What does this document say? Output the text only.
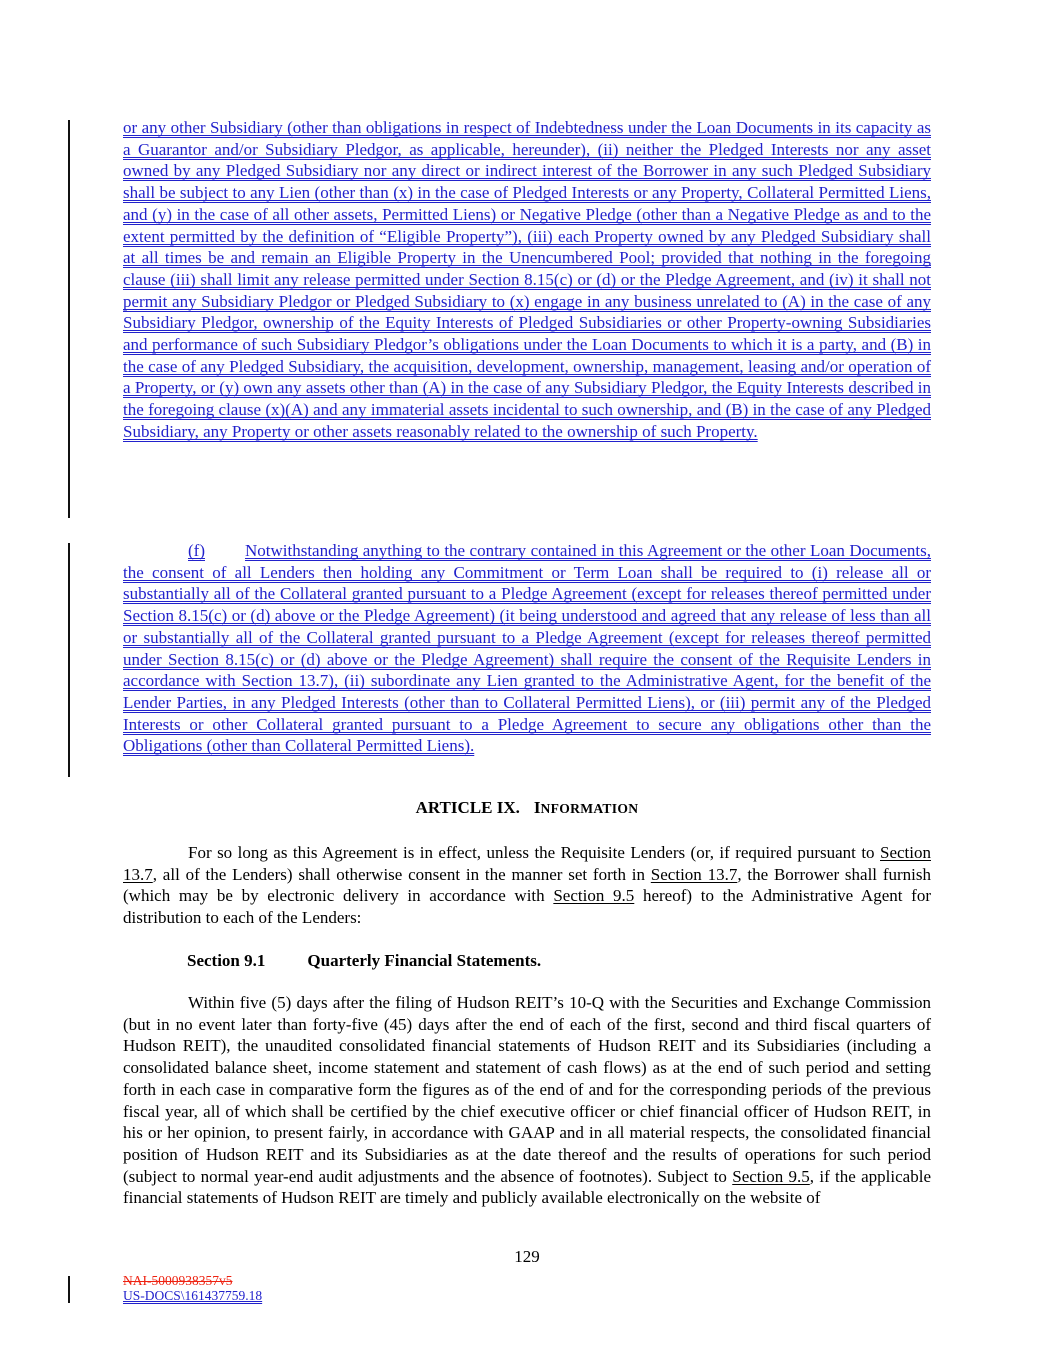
or any other Subsidiary (other than obligations in respect of Indebtedness under the Loan Documents in its capacity as a Guarantor and/or Subsidiary Pledgor, as applicable, hereunder), (ii) neither the Pledged Interests nor any asset owned by any Pledged Subsidiary nor any direct or indirect interest of the Borrower in any such Pledged Subsidiary shall be subject to any Lien (other than (x) in the case of Pledged Interests or any Property, Collateral Permitted Liens, and (y) in the case of all other assets, Permitted Liens) or Negative Pledge (other than a Negative Pledge as and to the extent permitted by the definition of “Eligible Property”), (iii) each Property owned by any Pledged Subsidiary shall at all times be and remain an Eligible Property in the Unencumbered Pool; provided that nothing in the foregoing clause (iii) shall limit any release permitted under Section 8.15(c) or (d) or the Pledge Agreement, and (iv) it shall not permit any Subsidiary Pledgor or Pledged Subsidiary to (x) engage in any business unrelated to (A) in the case of any Subsidiary Pledgor, ownership of the Equity Interests of Pledged Subsidiaries or other Property-owning Subsidiaries and performance of such Subsidiary Pledgor’s obligations under the Loan Documents to which it is a party, and (B) in the case of any Pledged Subsidiary, the acquisition, development, ownership, management, leasing and/or operation of a Property, or (y) own any assets other than (A) in the case of any Subsidiary Pledgor, the Equity Interests described in the foregoing clause (x)(A) and any immaterial assets incidental to such ownership, and (B) in the case of any Pledged Subsidiary, any Property or other assets reasonably related to the ownership of such Property.
(f) Notwithstanding anything to the contrary contained in this Agreement or the other Loan Documents, the consent of all Lenders then holding any Commitment or Term Loan shall be required to (i) release all or substantially all of the Collateral granted pursuant to a Pledge Agreement (except for releases thereof permitted under Section 8.15(c) or (d) above or the Pledge Agreement) (it being understood and agreed that any release of less than all or substantially all of the Collateral granted pursuant to a Pledge Agreement (except for releases thereof permitted under Section 8.15(c) or (d) above or the Pledge Agreement) shall require the consent of the Requisite Lenders in accordance with Section 13.7), (ii) subordinate any Lien granted to the Administrative Agent, for the benefit of the Lender Parties, in any Pledged Interests (other than to Collateral Permitted Liens), or (iii) permit any of the Pledged Interests or other Collateral granted pursuant to a Pledge Agreement to secure any obligations other than the Obligations (other than Collateral Permitted Liens).
ARTICLE IX. INFORMATION
For so long as this Agreement is in effect, unless the Requisite Lenders (or, if required pursuant to Section 13.7, all of the Lenders) shall otherwise consent in the manner set forth in Section 13.7, the Borrower shall furnish (which may be by electronic delivery in accordance with Section 9.5 hereof) to the Administrative Agent for distribution to each of the Lenders:
Section 9.1 Quarterly Financial Statements.
Within five (5) days after the filing of Hudson REIT’s 10-Q with the Securities and Exchange Commission (but in no event later than forty-five (45) days after the end of each of the first, second and third fiscal quarters of Hudson REIT), the unaudited consolidated financial statements of Hudson REIT and its Subsidiaries (including a consolidated balance sheet, income statement and statement of cash flows) as at the end of such period and setting forth in each case in comparative form the figures as of the end of and for the corresponding periods of the previous fiscal year, all of which shall be certified by the chief executive officer or chief financial officer of Hudson REIT, in his or her opinion, to present fairly, in accordance with GAAP and in all material respects, the consolidated financial position of Hudson REIT and its Subsidiaries as at the date thereof and the results of operations for such period (subject to normal year-end audit adjustments and the absence of footnotes). Subject to Section 9.5, if the applicable financial statements of Hudson REIT are timely and publicly available electronically on the website of
129
NAI-5000938357v5
US-DOCS\161437759.18
